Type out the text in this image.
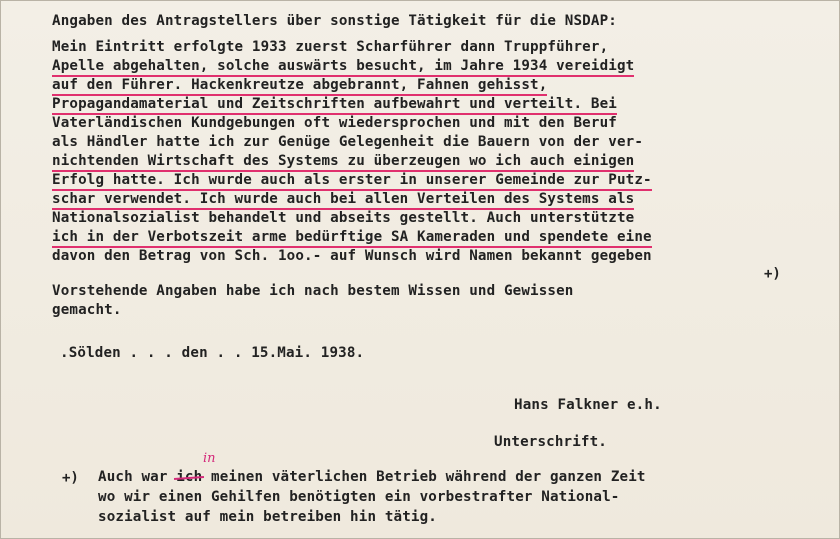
Angaben des Antragstellers über sonstige Tätigkeit für die NSDAP:
Mein Eintritt erfolgte 1933 zuerst Scharführer dann Truppführer,
Apelle abgehalten, solche auswärts besucht, im Jahre 1934 vereidigt
auf den Führer. Hackenkreutze abgebrannt, Fahnen gehisst,
Propagandamaterial und Zeitschriften aufbewahrt und verteilt. Bei
Vaterländischen Kundgebungen oft wiedersprochen und mit den Beruf
als Händler hatte ich zur Genüge Gelegenheit die Bauern von der ver-
nichtenden Wirtschaft des Systems zu überzeugen wo ich auch einigen
Erfolg hatte. Ich wurde auch als erster in unserer Gemeinde zur Putz-
schar verwendet. Ich wurde auch bei allen Verteilen des Systems als
Nationalsozialist behandelt und abseits gestellt. Auch unterstützte
ich in der Verbotszeit arme bedürftige SA Kameraden und spendete eine
davon den Betrag von Sch. 1oo.- auf Wunsch wird Namen bekannt gegeben
+)
Vorstehende Angaben habe ich nach bestem Wissen und Gewissen
gemacht.
.Sölden . . . den . . 15.Mai. 1938.
Hans Falkner e.h.
Unterschrift.
+)
in
Auch war ich meinen väterlichen Betrieb während der ganzen Zeit
wo wir einen Gehilfen benötigten ein vorbestrafter National-
sozialist auf mein betreiben hin tätig.
